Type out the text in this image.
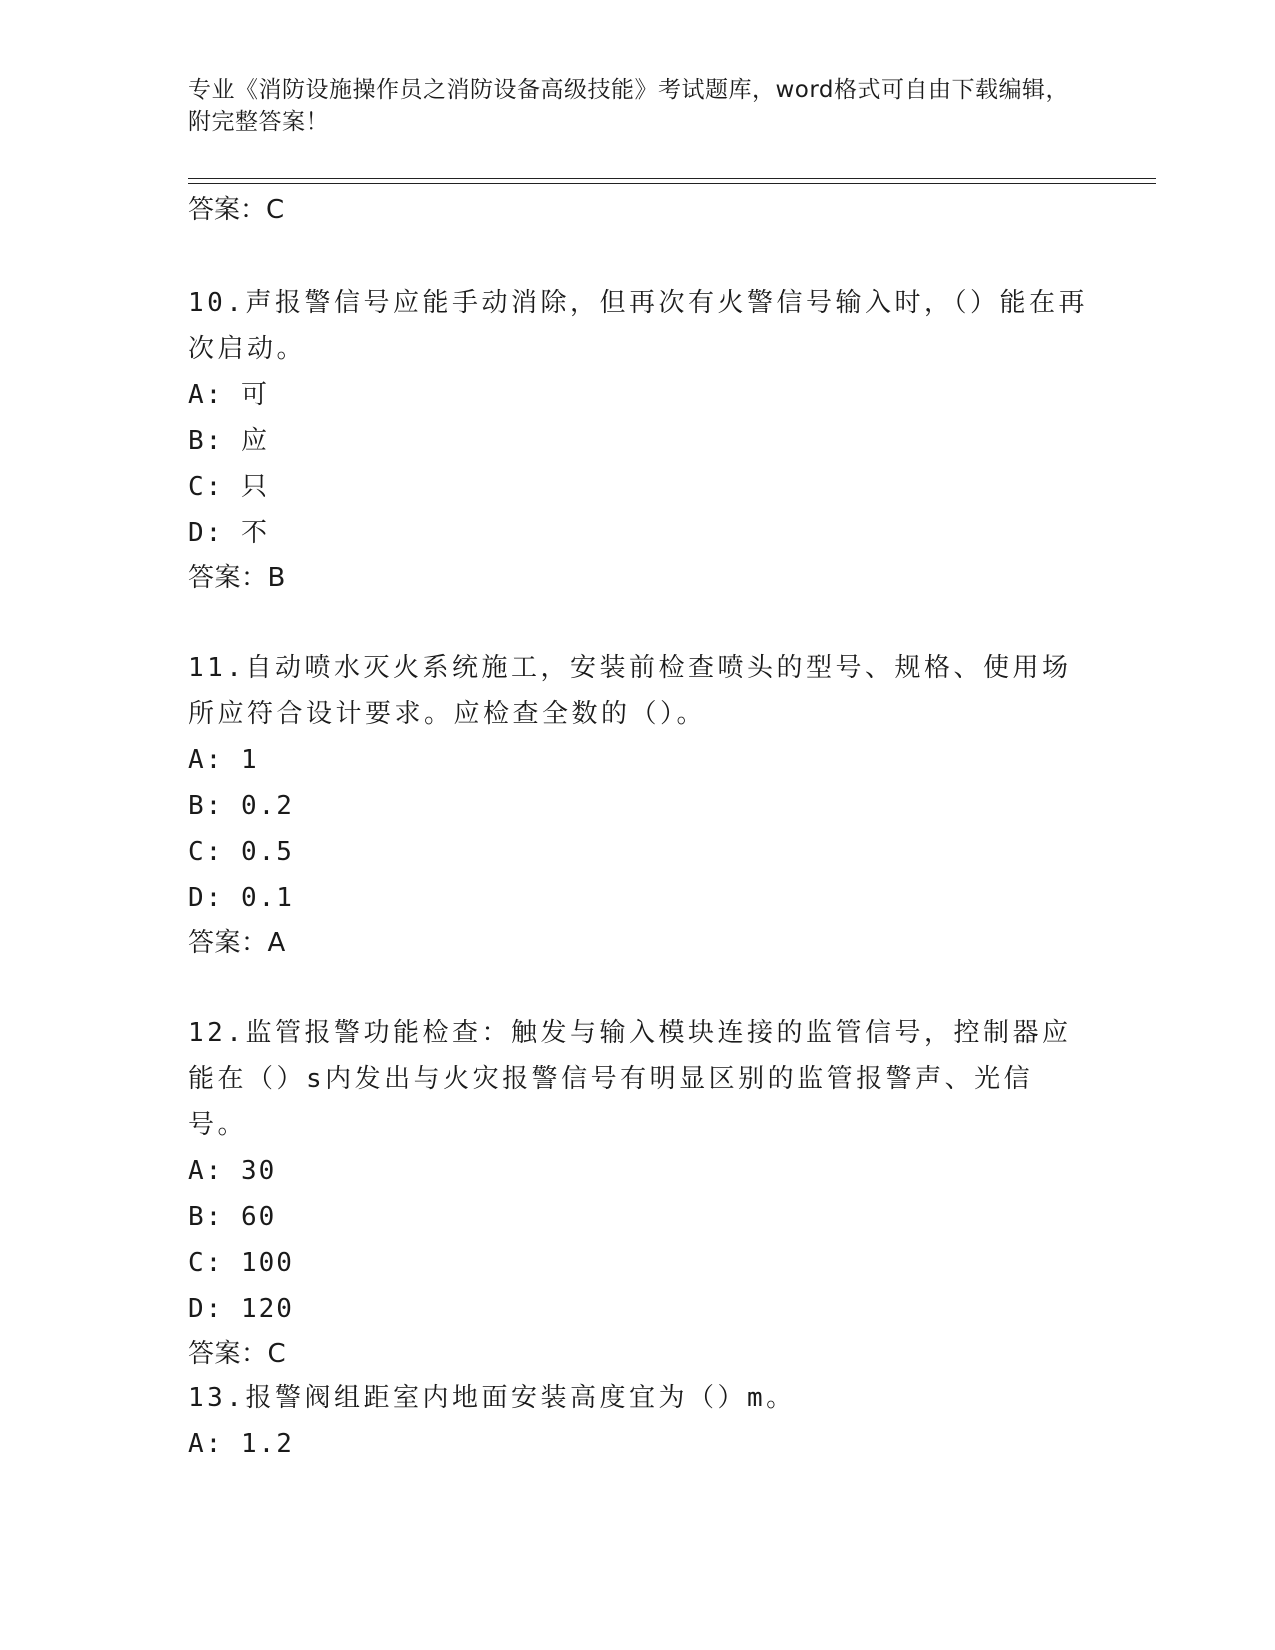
专业《消防设施操作员之消防设备高级技能》考试题库，word格式可自由下载编辑，附完整答案！
答案：C

10.声报警信号应能手动消除，但再次有火警信号输入时，（）能在再次启动。

A: 可

B: 应

C: 只

D: 不

答案：B

11.自动喷水灭火系统施工，安装前检查喷头的型号、规格、使用场所应符合设计要求。应检查全数的（）。

A: 1

B: 0.2

C: 0.5

D: 0.1

答案：A

12.监管报警功能检查：触发与输入模块连接的监管信号，控制器应能在（）s内发出与火灾报警信号有明显区别的监管报警声、光信号。

A: 30

B: 60

C: 100

D: 120

答案：C

13.报警阀组距室内地面安装高度宜为（）m。

A: 1.2
